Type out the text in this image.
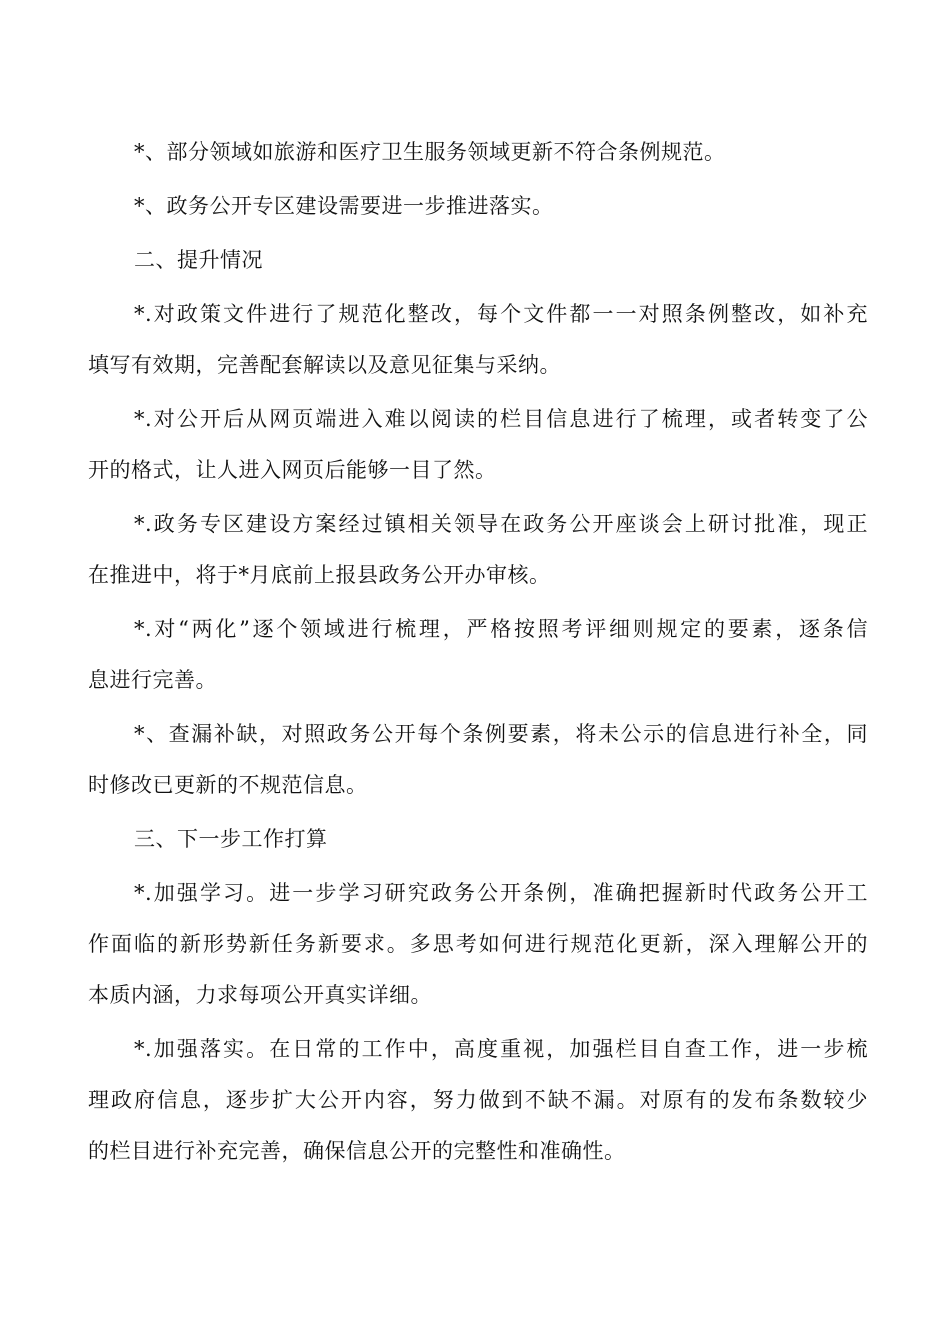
*、部分领域如旅游和医疗卫生服务领域更新不符合条例规范。
*、政务公开专区建设需要进一步推进落实。
二、提升情况
*.对政策文件进行了规范化整改，每个文件都一一对照条例整改，如补充
填写有效期，完善配套解读以及意见征集与采纳。
*.对公开后从网页端进入难以阅读的栏目信息进行了梳理，或者转变了公
开的格式，让人进入网页后能够一目了然。
*.政务专区建设方案经过镇相关领导在政务公开座谈会上研讨批准，现正
在推进中，将于*月底前上报县政务公开办审核。
*.对“两化”逐个领域进行梳理，严格按照考评细则规定的要素，逐条信
息进行完善。
*、查漏补缺，对照政务公开每个条例要素，将未公示的信息进行补全，同
时修改已更新的不规范信息。
三、下一步工作打算
*.加强学习。进一步学习研究政务公开条例，准确把握新时代政务公开工
作面临的新形势新任务新要求。多思考如何进行规范化更新，深入理解公开的
本质内涵，力求每项公开真实详细。
*.加强落实。在日常的工作中，高度重视，加强栏目自查工作，进一步梳
理政府信息，逐步扩大公开内容，努力做到不缺不漏。对原有的发布条数较少
的栏目进行补充完善，确保信息公开的完整性和准确性。
